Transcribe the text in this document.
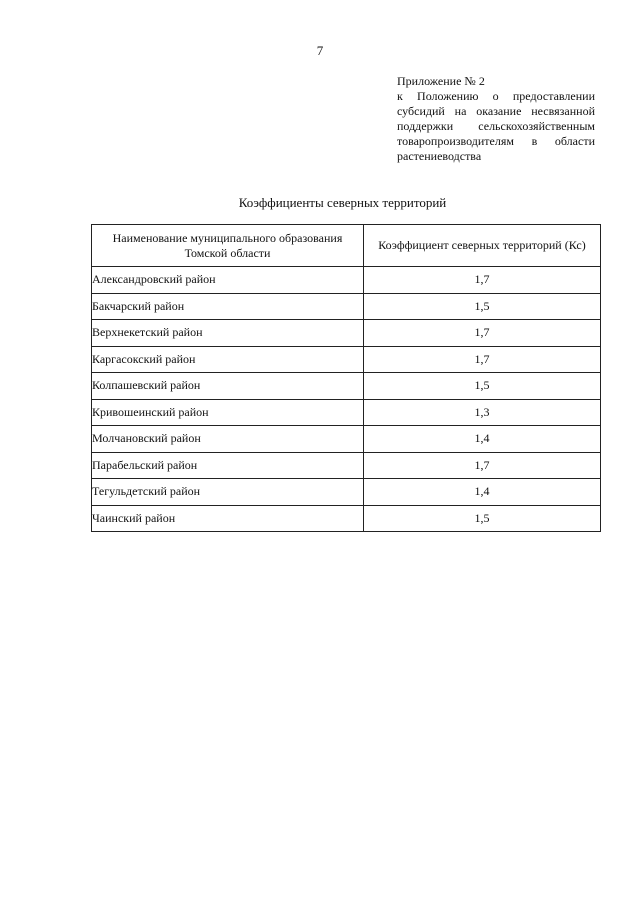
7
Приложение № 2
к Положению о предоставлении субсидий на оказание несвязанной поддержки сельскохозяйственным товаропроизводителям в области растениеводства
Коэффициенты северных территорий
Наименование муниципального образования Томской области	Коэффициент северных территорий (Кс)
Александровский район	1,7
Бакчарский район	1,5
Верхнекетский район	1,7
Каргасокский район	1,7
Колпашевский район	1,5
Кривошеинский район	1,3
Молчановский район	1,4
Парабельский район	1,7
Тегульдетский район	1,4
Чаинский район	1,5
